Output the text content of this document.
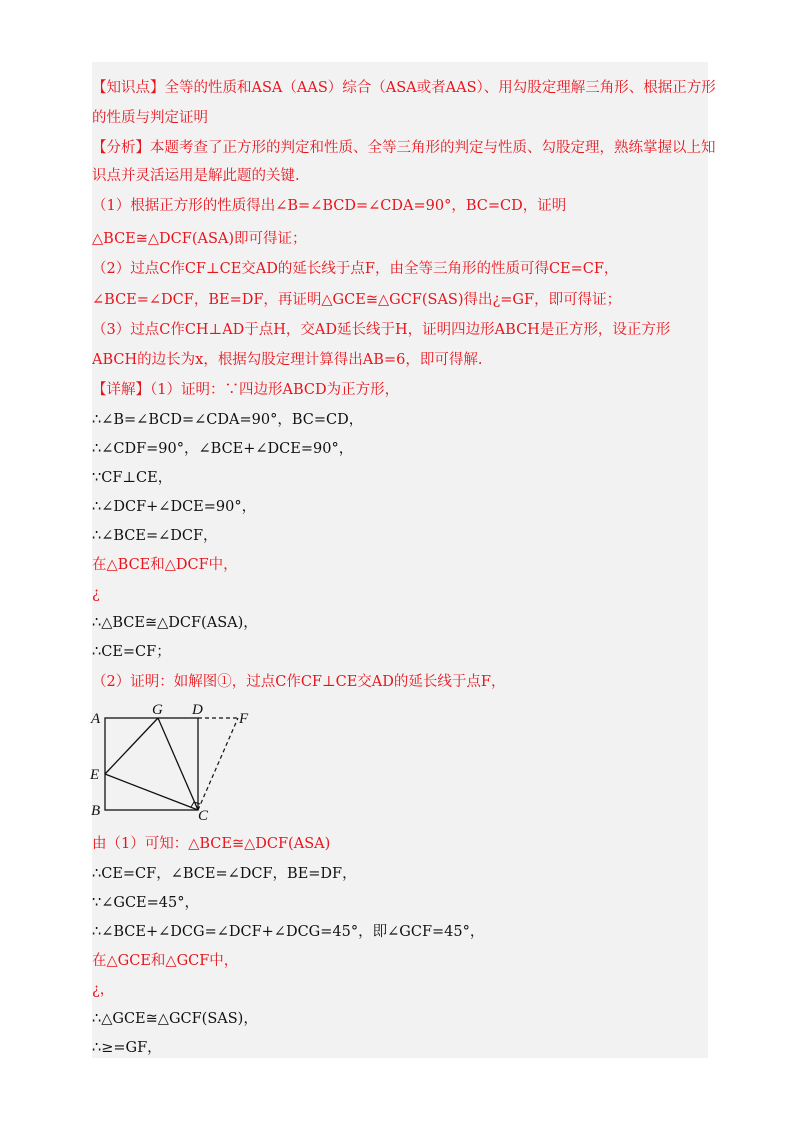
【知识点】全等的性质和ASA（AAS）综合（ASA或者AAS）、用勾股定理解三角形、根据正方形
的性质与判定证明
【分析】本题考查了正方形的判定和性质、全等三角形的判定与性质、勾股定理，熟练掌握以上知
识点并灵活运用是解此题的关键.
（1）根据正方形的性质得出∠B=∠BCD=∠CDA=90°，BC=CD，证明
△BCE≅△DCF(ASA)即可得证；
（2）过点C作CF⊥CE交AD的延长线于点F，由全等三角形的性质可得CE=CF，
∠BCE=∠DCF，BE=DF，再证明△GCE≅△GCF(SAS)得出¿=GF，即可得证；
（3）过点C作CH⊥AD于点H，交AD延长线于H，证明四边形ABCH是正方形，设正方形
ABCH的边长为x，根据勾股定理计算得出AB=6，即可得解.
【详解】（1）证明：∵四边形ABCD为正方形，
∴∠B=∠BCD=∠CDA=90°，BC=CD，
∴∠CDF=90°，∠BCE+∠DCE=90°，
∵CF⊥CE，
∴∠DCF+∠DCE=90°，
∴∠BCE=∠DCF，
在△BCE和△DCF中，
¿
∴△BCE≅△DCF(ASA)，
∴CE=CF；
（2）证明：如解图①，过点C作CF⊥CE交AD的延长线于点F，
A
G D
F
E
B	C
由（1）可知：△BCE≅△DCF(ASA)
∴CE=CF，∠BCE=∠DCF，BE=DF，
∵∠GCE=45°，
∴∠BCE+∠DCG=∠DCF+∠DCG=45°，即∠GCF=45°，
在△GCE和△GCF中，
¿，
∴△GCE≅△GCF(SAS)，
∴≥=GF，
